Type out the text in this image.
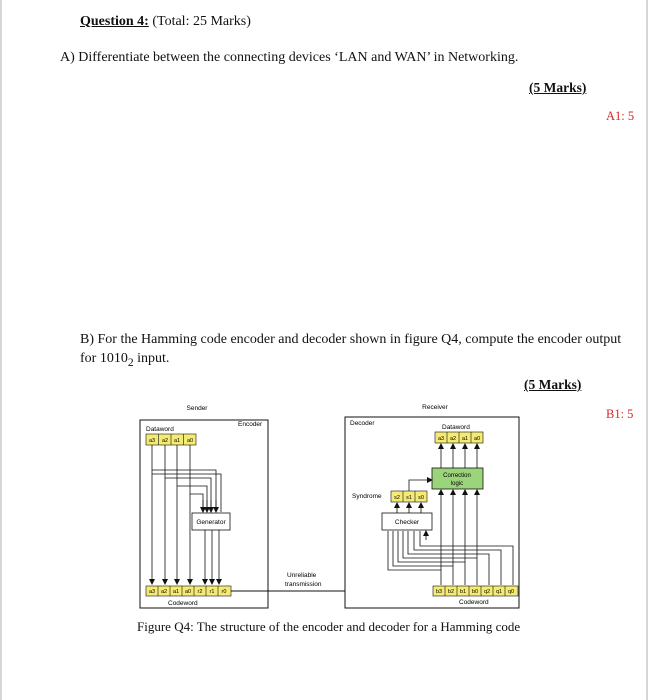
Question 4: (Total: 25 Marks)
A) Differentiate between the connecting devices ‘LAN and WAN’ in Networking.
(5 Marks)
A1: 5
B) For the Hamming code encoder and decoder shown in figure Q4, compute the encoder output for $1010_2$ input.
(5 Marks)
B1: 5
Sender
Encoder
Dataword
a3 a2 a1 a0
Generator
a3 a2 a1 a0 r2 r1 r0
Codeword
Unreliable
transmission
Receiver
Decoder
Dataword
a3 a2 a1 a0
Correction
logic
Syndrome s2 s1 s0
Checker
b3 b2 b1 b0 q2 q1 q0
Codeword
Figure Q4: The structure of the encoder and decoder for a Hamming code
